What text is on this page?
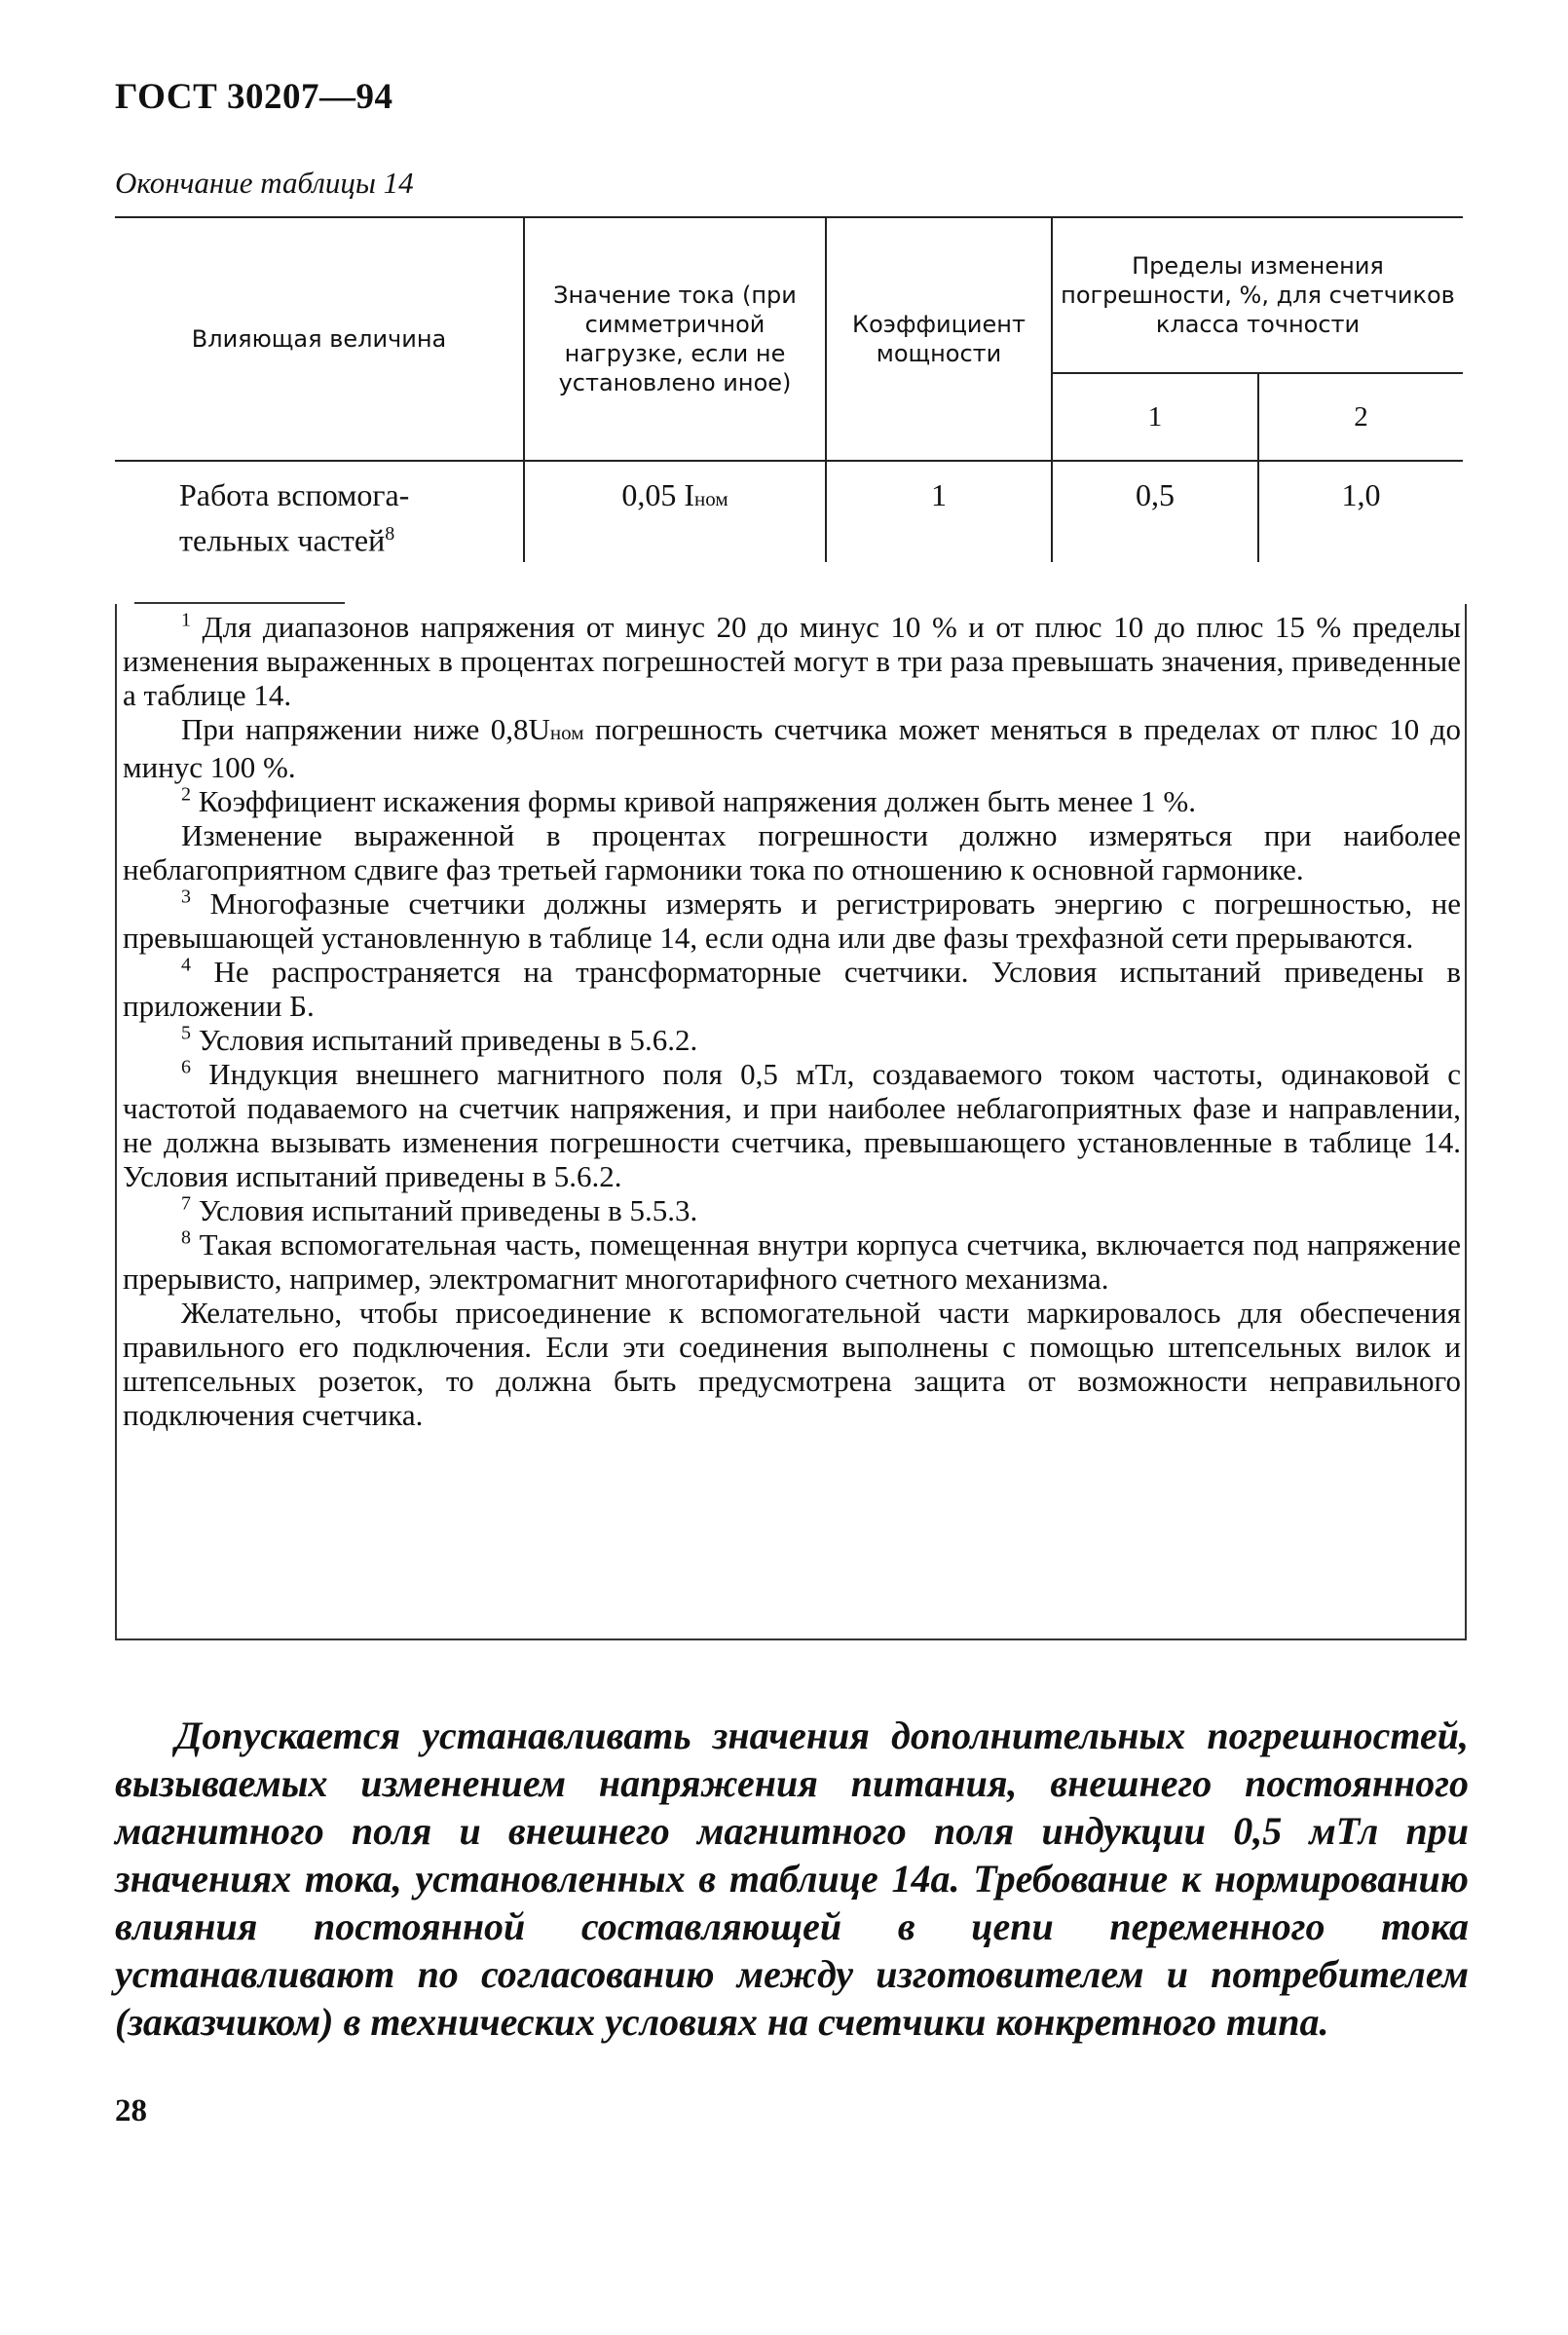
ГОСТ 30207—94
Окончание таблицы 14
Влияющая величина	Значение тока (при симметричной нагрузке, если не установлено иное)	Коэффициент мощности	Пределы изменения погрешности, %, для счетчиков класса точности	
			1	2
Работа вспомога-
тельных частей$^8$	0,05 Iном	1	0,5	1,0

$^1$ Для диапазонов напряжения от минус 20 до минус 10 % и от плюс 10 до плюс 15 % пределы изменения выраженных в процентах погрешностей могут в три раза превышать значения, приведенные а таблице 14.

При напряжении ниже 0,8Uном погрешность счетчика может меняться в пределах от плюс 10 до минус 100 %.

$^2$ Коэффициент искажения формы кривой напряжения должен быть менее 1 %.

Изменение выраженной в процентах погрешности должно измеряться при наиболее неблагоприятном сдвиге фаз третьей гармоники тока по отношению к основной гармонике.

$^3$ Многофазные счетчики должны измерять и регистрировать энергию с погрешностью, не превышающей установленную в таблице 14, если одна или две фазы трехфазной сети прерываются.

$^4$ Не распространяется на трансформаторные счетчики. Условия испытаний приведены в приложении Б.

$^5$ Условия испытаний приведены в 5.6.2.

$^6$ Индукция внешнего магнитного поля 0,5 мТл, создаваемого током частоты, одинаковой с частотой подаваемого на счетчик напряжения, и при наиболее неблагоприятных фазе и направлении, не должна вызывать изменения погрешности счетчика, превышающего установленные в таблице 14. Условия испытаний приведены в 5.6.2.

$^7$ Условия испытаний приведены в 5.5.3.

$^8$ Такая вспомогательная часть, помещенная внутри корпуса счетчика, включается под напряжение прерывисто, например, электромагнит многотарифного счетного механизма.

Желательно, чтобы присоединение к вспомогательной части маркировалось для обеспечения правильного его подключения. Если эти соединения выполнены с помощью штепсельных вилок и штепсельных розеток, то должна быть предусмотрена защита от возможности неправильного подключения счетчика.

Допускается устанавливать значения дополнительных погрешностей, вызываемых изменением напряжения питания, внешнего постоянного магнитного поля и внешнего магнитного поля индукции 0,5 мТл при значениях тока, установленных в таблице 14а. Требование к нормированию влияния постоянной составляющей в цепи переменного тока устанавливают по согласованию между изготовителем и потребителем (заказчиком) в технических условиях на счетчики конкретного типа.

28
